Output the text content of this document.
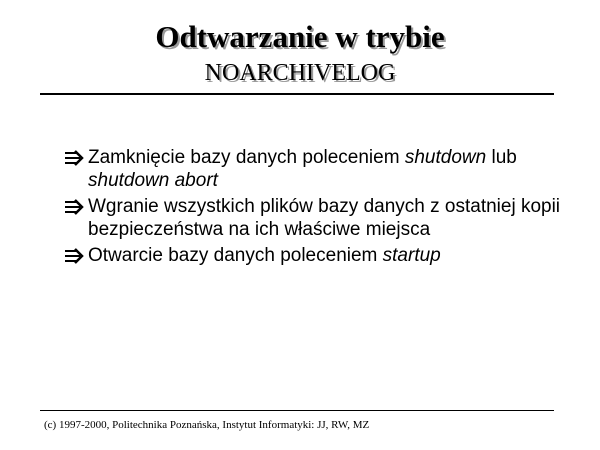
Odtwarzanie w trybie
NOARCHIVELOG
Zamknięcie bazy danych poleceniem shutdown lub shutdown abort
Wgranie wszystkich plików bazy danych z ostatniej kopii bezpieczeństwa na ich właściwe miejsca
Otwarcie bazy danych poleceniem startup
(c) 1997-2000, Politechnika Poznańska, Instytut Informatyki: JJ, RW, MZ
